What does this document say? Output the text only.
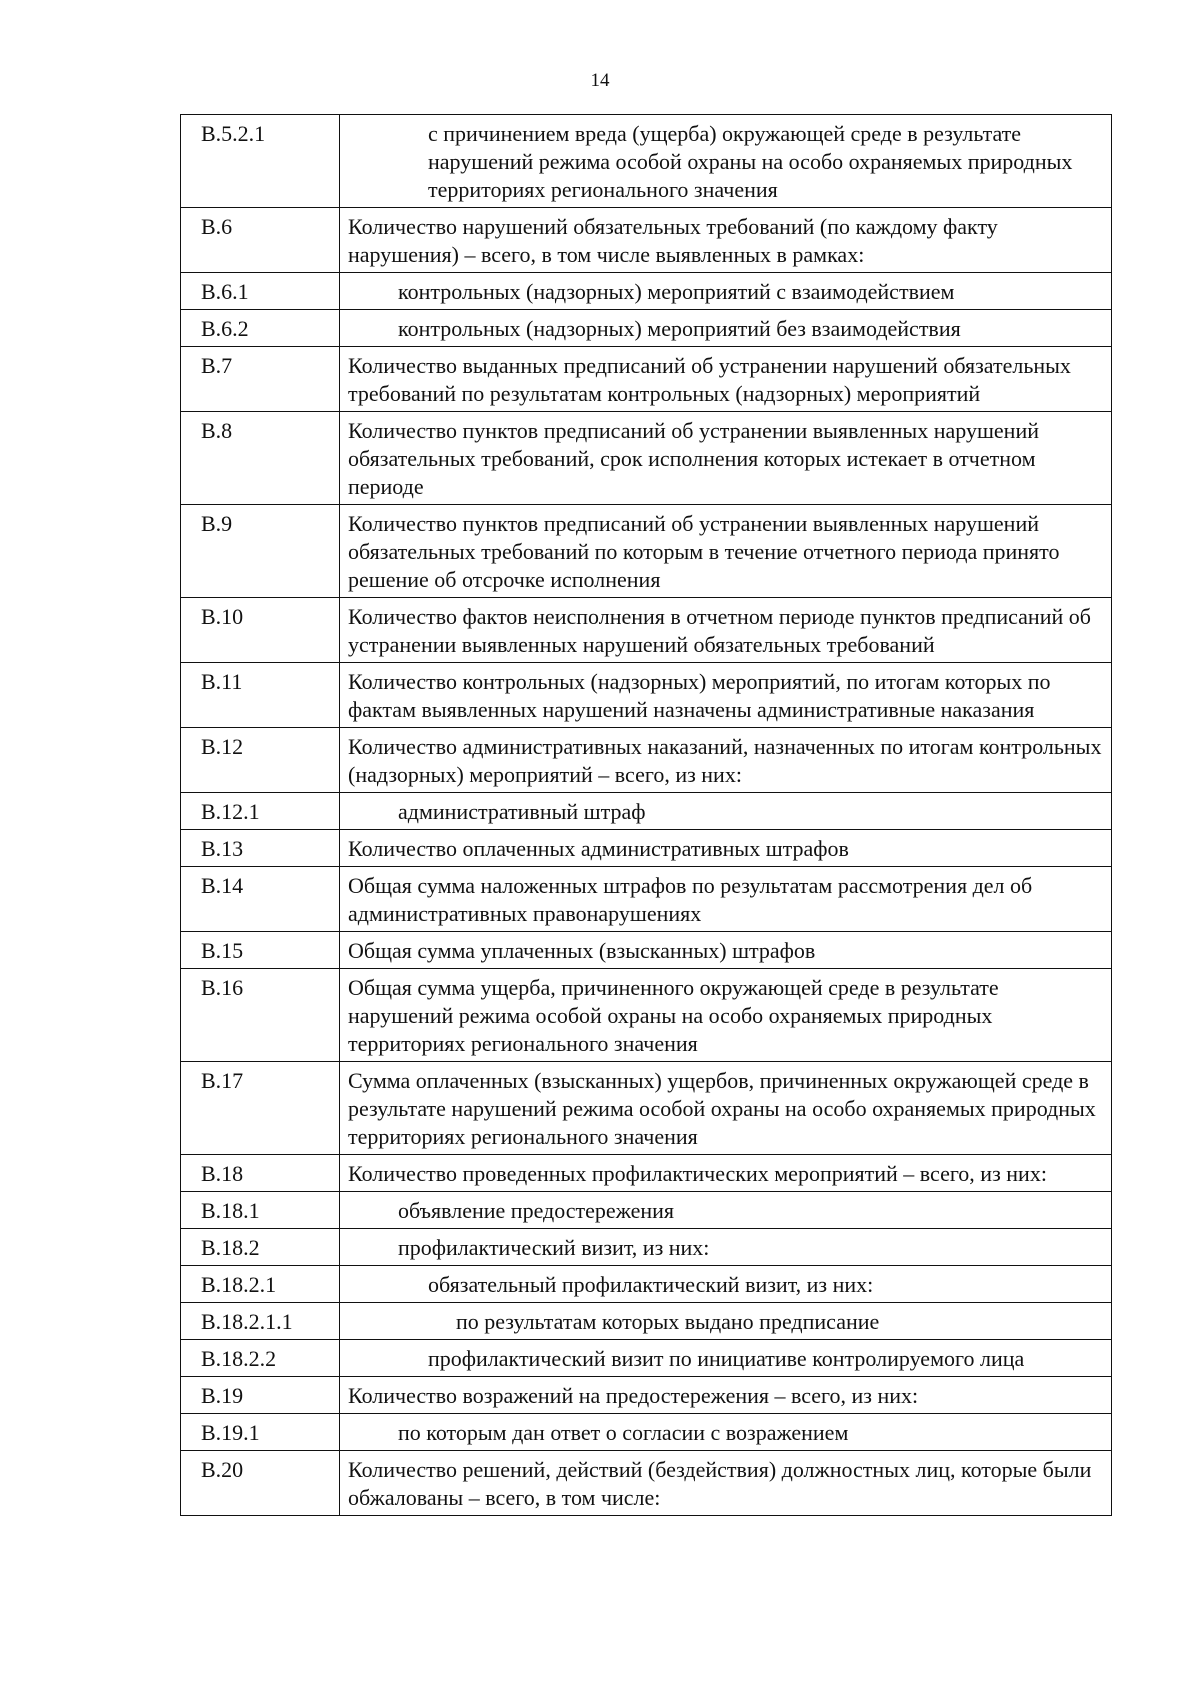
14
В.5.2.1	с причинением вреда (ущерба) окружающей среде в результате нарушений режима особой охраны на особо охраняемых природных территориях регионального значения
В.6	Количество нарушений обязательных требований (по каждому факту нарушения) – всего, в том числе выявленных в рамках:
В.6.1	контрольных (надзорных) мероприятий с взаимодействием
В.6.2	контрольных (надзорных) мероприятий без взаимодействия
В.7	Количество выданных предписаний об устранении нарушений обязательных требований по результатам контрольных (надзорных) мероприятий
В.8	Количество пунктов предписаний об устранении выявленных нарушений обязательных требований, срок исполнения которых истекает в отчетном периоде
В.9	Количество пунктов предписаний об устранении выявленных нарушений обязательных требований по которым в течение отчетного периода принято решение об отсрочке исполнения
В.10	Количество фактов неисполнения в отчетном периоде пунктов предписаний об устранении выявленных нарушений обязательных требований
В.11	Количество контрольных (надзорных) мероприятий, по итогам которых по фактам выявленных нарушений назначены административные наказания
В.12	Количество административных наказаний, назначенных по итогам контрольных (надзорных) мероприятий – всего, из них:
В.12.1	административный штраф
В.13	Количество оплаченных административных штрафов
В.14	Общая сумма наложенных штрафов по результатам рассмотрения дел об административных правонарушениях
В.15	Общая сумма уплаченных (взысканных) штрафов
В.16	Общая сумма ущерба, причиненного окружающей среде в результате нарушений режима особой охраны на особо охраняемых природных территориях регионального значения
В.17	Сумма оплаченных (взысканных) ущербов, причиненных окружающей среде в результате нарушений режима особой охраны на особо охраняемых природных территориях регионального значения
В.18	Количество проведенных профилактических мероприятий – всего, из них:
В.18.1	объявление предостережения
В.18.2	профилактический визит, из них:
В.18.2.1	обязательный профилактический визит, из них:
В.18.2.1.1	по результатам которых выдано предписание
В.18.2.2	профилактический визит по инициативе контролируемого лица
В.19	Количество возражений на предостережения – всего, из них:
В.19.1	по которым дан ответ о согласии с возражением
В.20	Количество решений, действий (бездействия) должностных лиц, которые были обжалованы – всего, в том числе:
